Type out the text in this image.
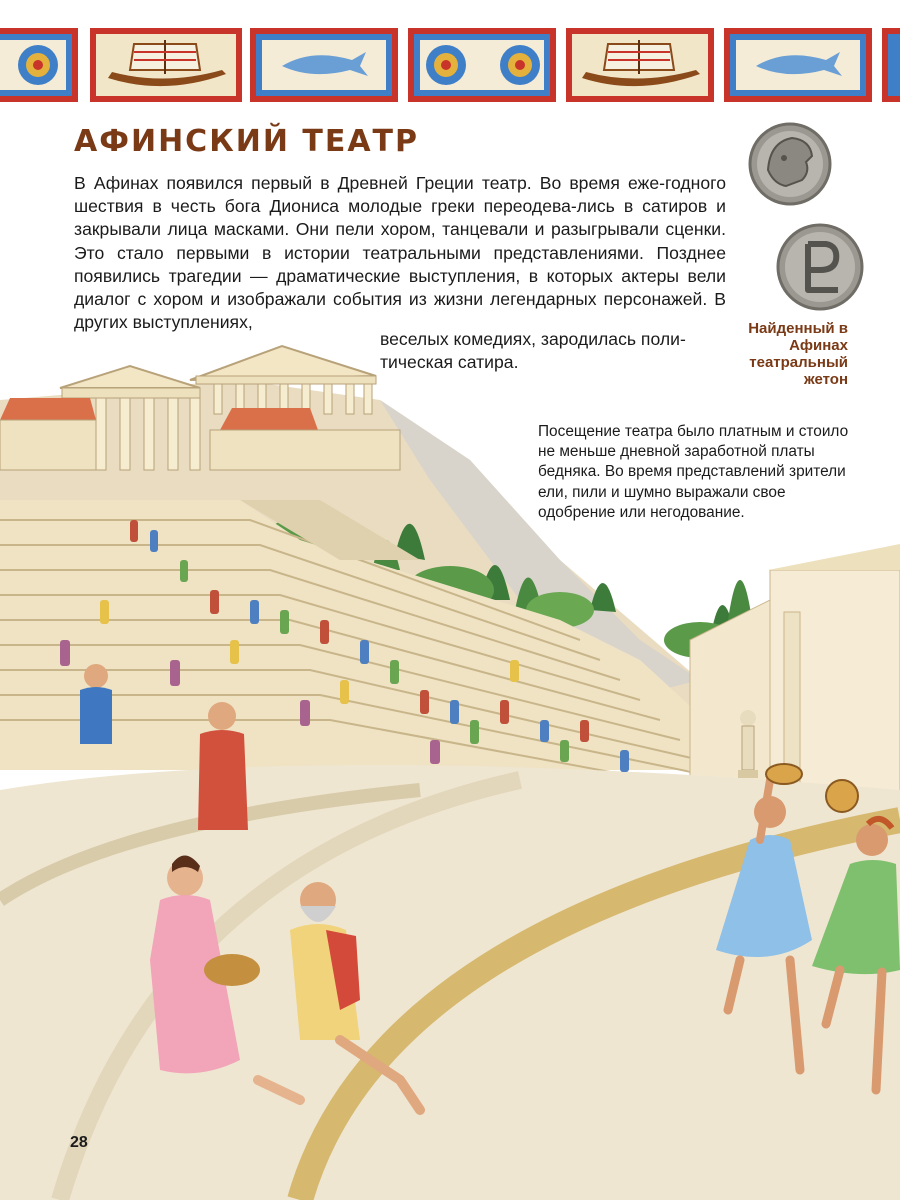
АФИНСКИЙ ТЕАТР

В Афинах появился первый в Древней Греции театр. Во время еже-годного шествия в честь бога Диониса молодые греки переодева-лись в сатиров и закрывали лица масками. Они пели хором, танцевали и разыгрывали сценки. Это стало первыми в истории театральными представлениями. Позднее появились трагедии — драматические выступления, в которых актеры вели диалог с хором и изображали события из жизни легендарных персонажей. В других выступлениях,

веселых комедиях, зародилась поли-тическая сатира.

Найденный в Афинах театральный жетон

Посещение театра было платным и стоило не меньше дневной заработной платы бедняка. Во время представлений зрители ели, пили и шумно выражали свое одобрение или негодование.

28
